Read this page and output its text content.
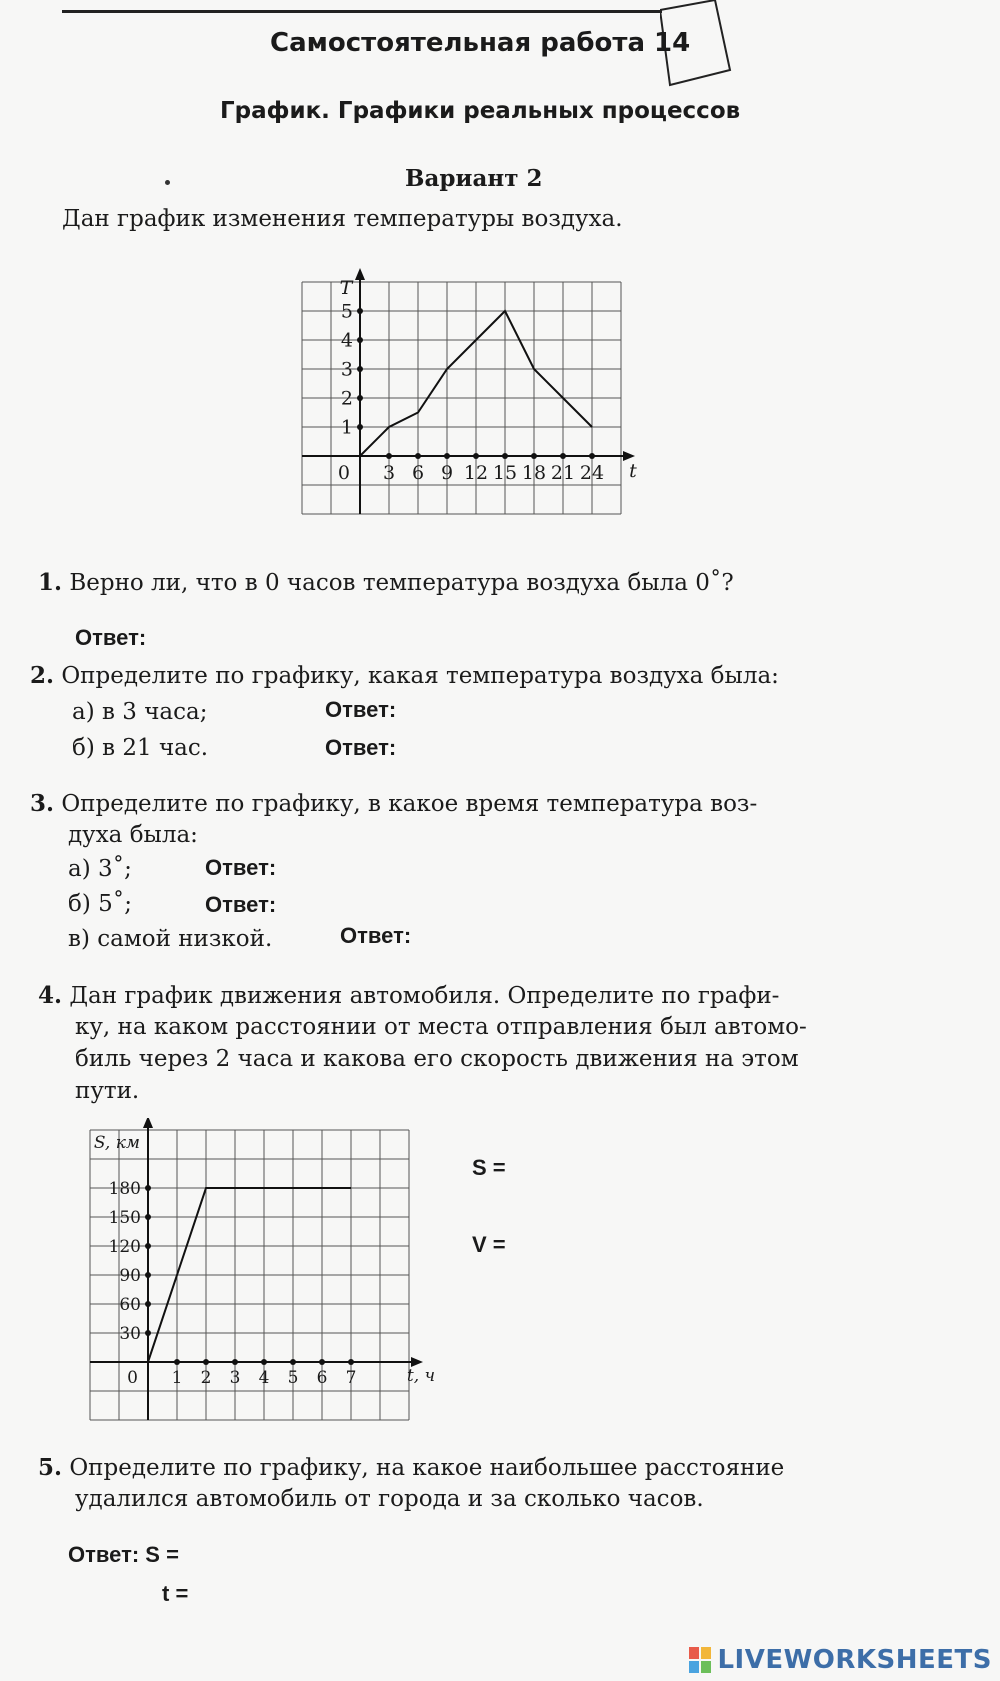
Самостоятельная работа 14
График. Графики реальных процессов
Вариант 2
Дан график изменения температуры воздуха.
3 6 9 12 15 18 21 24
1
2
3
4
5
0	t
T
1. Верно ли, что в 0 часов температура воздуха была 0˚?
Ответ:
2. Определите по графику, какая температура воздуха была:
а) в 3 часа;	Ответ:
б) в 21 час.	Ответ:
3. Определите по графику, в какое время температура воз-
духа была:
а) 3˚;	Ответ:
б) 5˚;	Ответ:
в) самой низкой.	Ответ:
4. Дан график движения автомобиля. Определите по графи-
ку, на каком расстоянии от места отправления был автомо-
биль через 2 часа и какова его скорость движения на этом
пути.
1 2 3 4 5 6 7
30
60
90
120
150
180
0	t, ч
S, км
S =
V =
5. Определите по графику, на какое наибольшее расстояние
удалился автомобиль от города и за сколько часов.
Ответ: S =
t =
LIVEWORKSHEETS
